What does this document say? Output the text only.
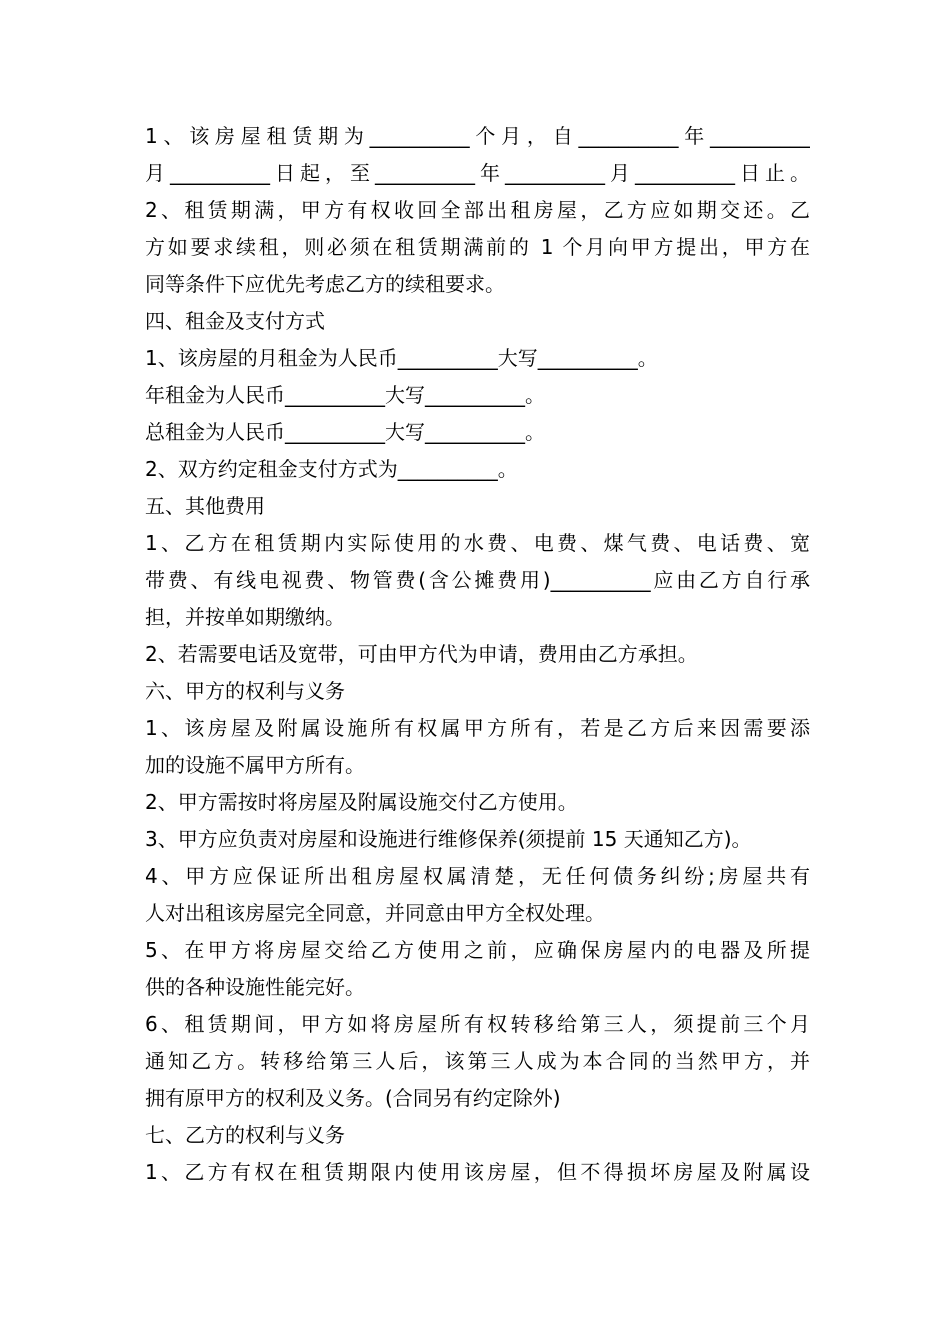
1、该房屋租赁期为__________个月，自__________年__________
月__________日起，至__________年__________月__________日止。
2、租赁期满，甲方有权收回全部出租房屋，乙方应如期交还。乙
方如要求续租，则必须在租赁期满前的 1 个月向甲方提出，甲方在
同等条件下应优先考虑乙方的续租要求。
四、租金及支付方式
1、该房屋的月租金为人民币__________大写__________。
年租金为人民币__________大写__________。
总租金为人民币__________大写__________。
2、双方约定租金支付方式为__________。
五、其他费用
1、乙方在租赁期内实际使用的水费、电费、煤气费、电话费、宽
带费、有线电视费、物管费(含公摊费用)__________应由乙方自行承
担，并按单如期缴纳。
2、若需要电话及宽带，可由甲方代为申请，费用由乙方承担。
六、甲方的权利与义务
1、该房屋及附属设施所有权属甲方所有，若是乙方后来因需要添
加的设施不属甲方所有。
2、甲方需按时将房屋及附属设施交付乙方使用。
3、甲方应负责对房屋和设施进行维修保养(须提前 15 天通知乙方)。
4、甲方应保证所出租房屋权属清楚，无任何债务纠纷;房屋共有
人对出租该房屋完全同意，并同意由甲方全权处理。
5、在甲方将房屋交给乙方使用之前，应确保房屋内的电器及所提
供的各种设施性能完好。
6、租赁期间，甲方如将房屋所有权转移给第三人，须提前三个月
通知乙方。转移给第三人后，该第三人成为本合同的当然甲方，并
拥有原甲方的权利及义务。(合同另有约定除外)
七、乙方的权利与义务
1、乙方有权在租赁期限内使用该房屋，但不得损坏房屋及附属设
